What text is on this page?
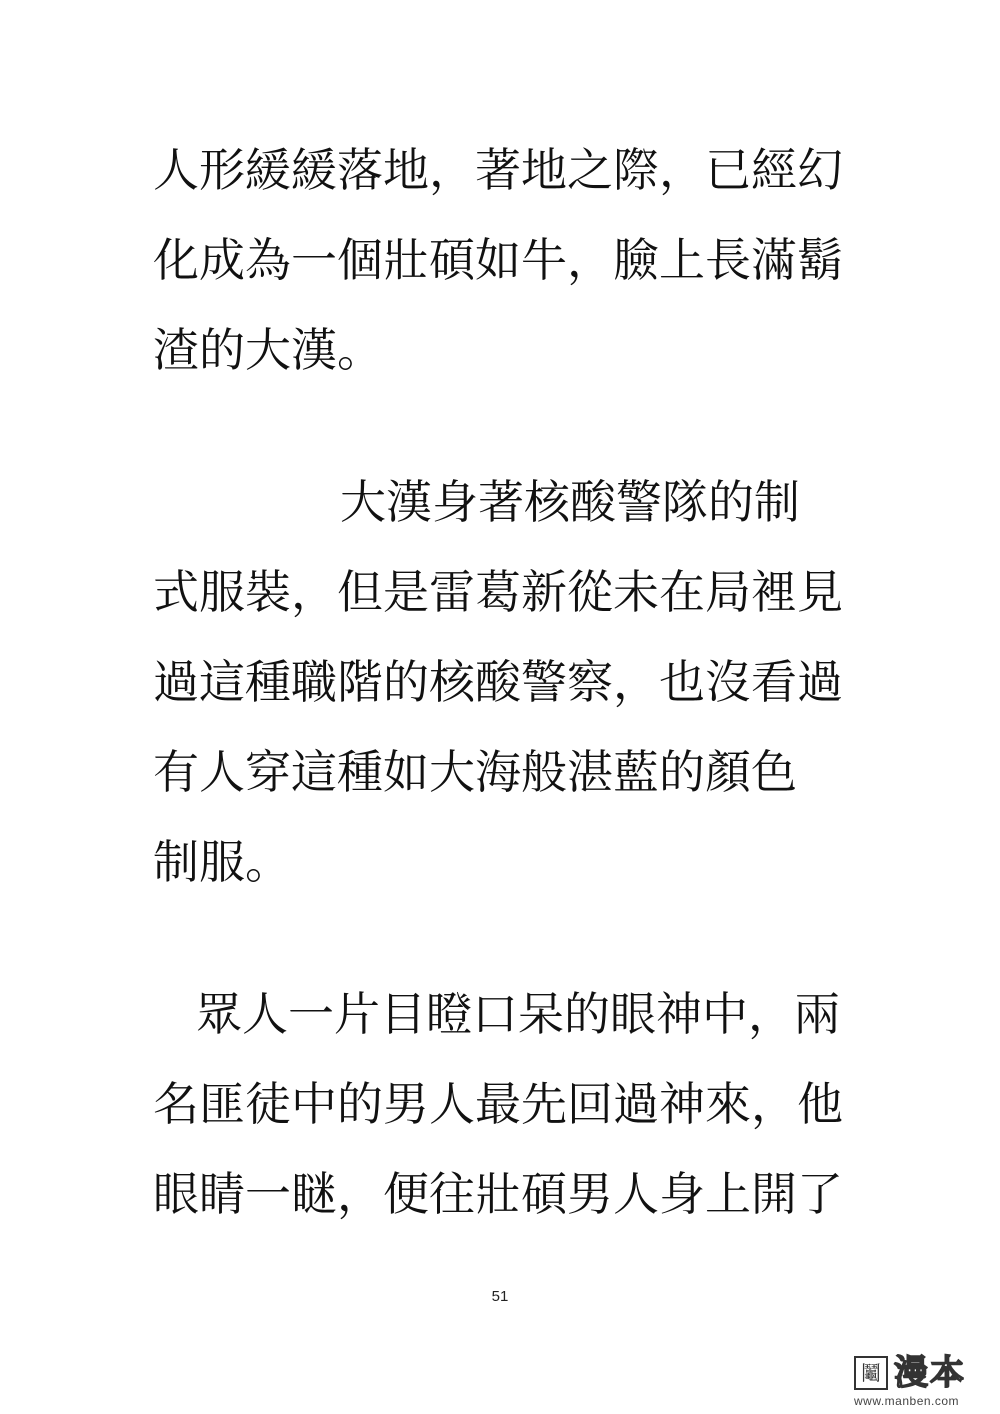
人形緩緩落地，著地之際，已經幻
化成為一個壯碩如牛，臉上長滿鬍
渣的大漢。
大漢身著核酸警隊的制
式服裝，但是雷葛新從未在局裡見
過這種職階的核酸警察，也沒看過
有人穿這種如大海般湛藍的顏色
制服。
眾人一片目瞪口呆的眼神中，兩
名匪徒中的男人最先回過神來，他
眼睛一瞇，便往壯碩男人身上開了
51
鬮 漫本
www.manben.com
